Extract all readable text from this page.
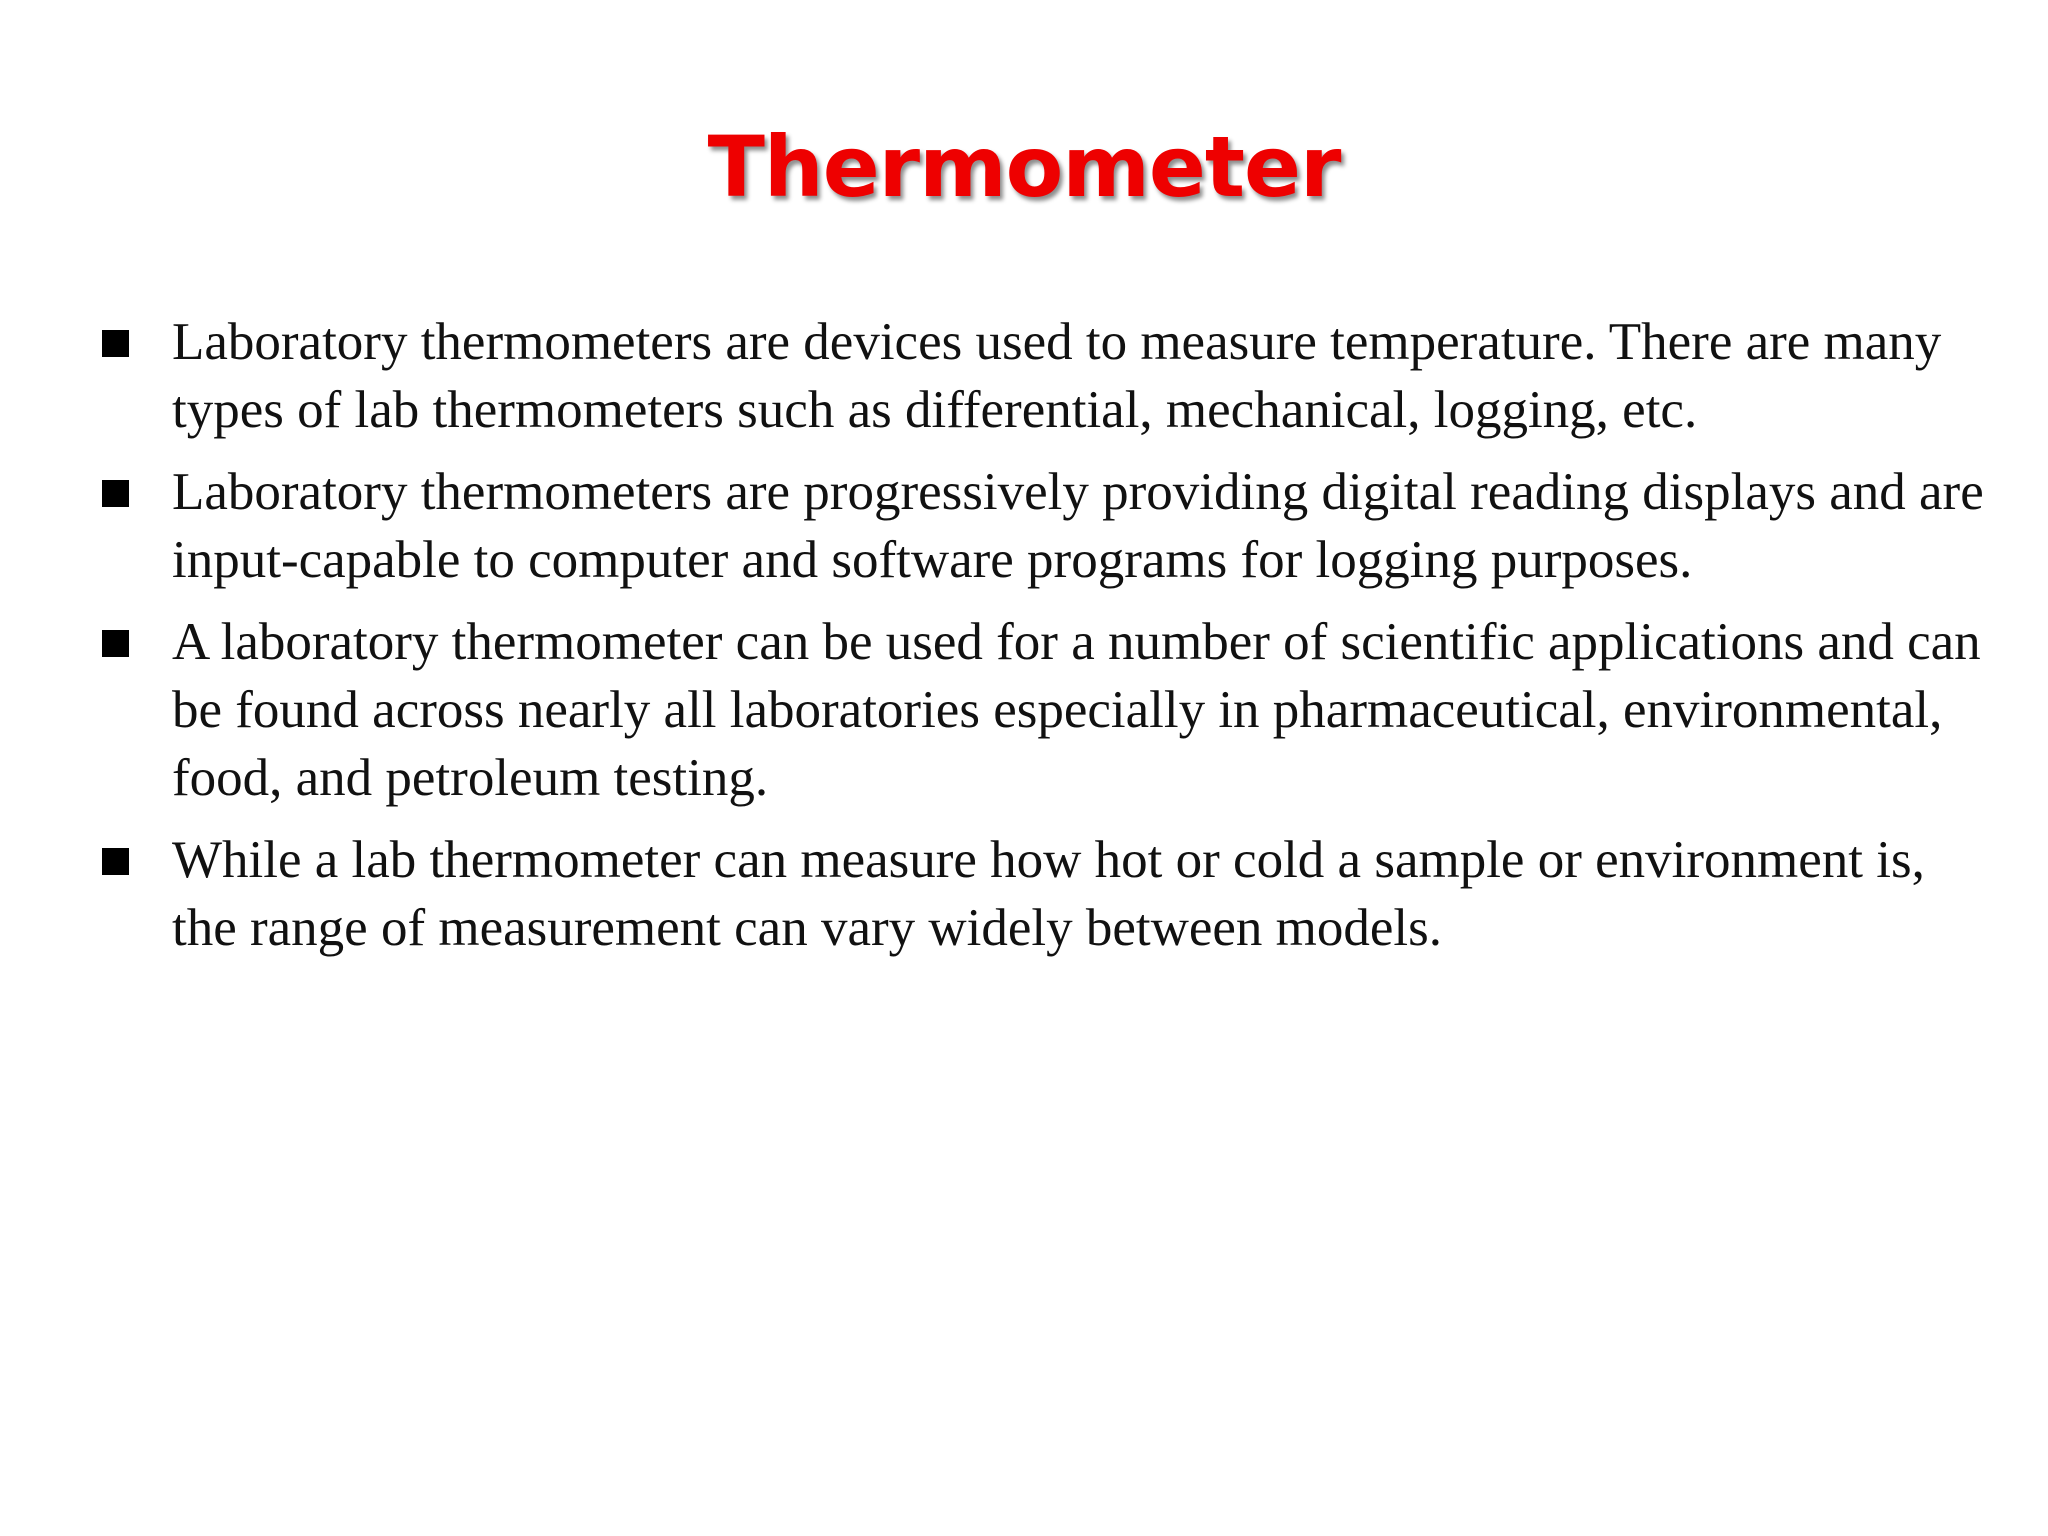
Thermometer
Laboratory thermometers are devices used to measure temperature. There are many types of lab thermometers such as differential, mechanical, logging, etc.
Laboratory thermometers are progressively providing digital reading displays and are input-capable to computer and software programs for logging purposes.
A laboratory thermometer can be used for a number of scientific applications and can be found across nearly all laboratories especially in pharmaceutical, environmental, food, and petroleum testing.
While a lab thermometer can measure how hot or cold a sample or environment is, the range of measurement can vary widely between models.
